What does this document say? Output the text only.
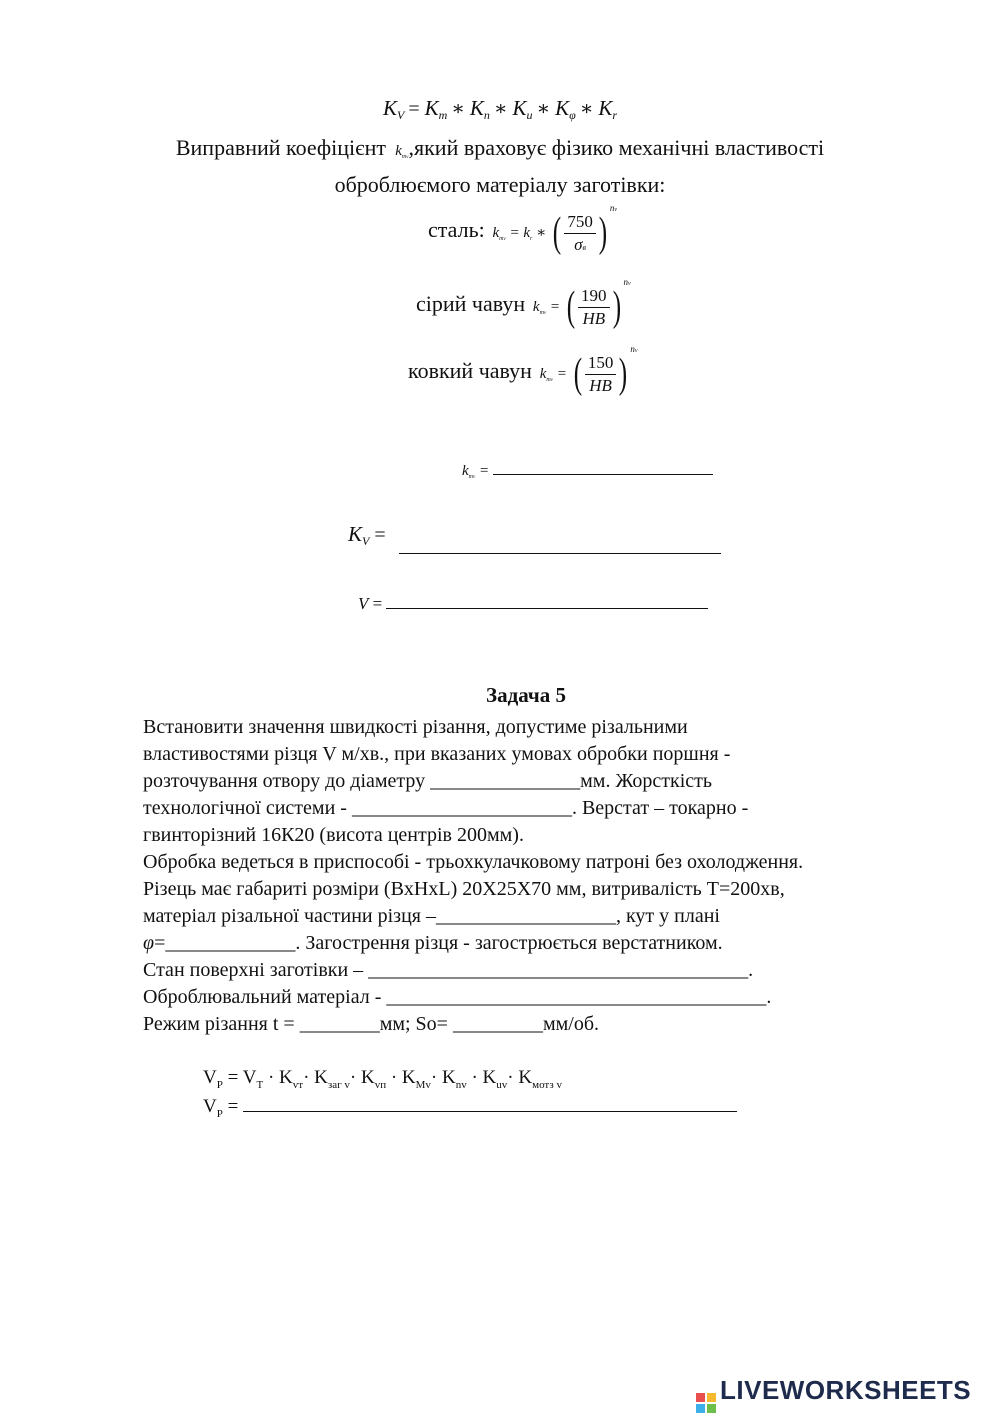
$K_V = K_m$ ∗ $K_n$ ∗ $K_u$ ∗ $K_\varphi$ ∗ $K_r$
Виправний коефіцієнт  $k_{mv},який$ враховує фізико механічні властивості
оброблюємого матеріалу заготівки:
сталь:  $k_{mv} = k_r$ ∗ ( $\frac{750}{\sigma в} )^{nv}$
сірий чавун  $k_{mv}$ = ( $\frac{190}{HB} )^{nv}$
ковкий чавун  $k_{mv}$ = ( $\frac{150}{HB} )^{nv}$
$k_{mv}$ =
$K_V$ =
V =
Задача 5
Встановити значення швидкості різання, допустиме різальними
властивостями різця V м/хв., при вказаних умовах обробки поршня -
розточування отвору до діаметру _______________мм. Жорсткість
технологічної системи - ______________________. Верстат – токарно -
гвинторізний 16К20 (висота центрів 200мм).
Обробка ведеться в приспособі - трьохкулачковому патроні без охолодження.
Різець має габариті розміри (BxHxL) 20Х25Х70 мм, витривалість Т=200хв,
матеріал різальної частини різця –__________________, кут у плані
φ=_____________. Загострення різця - загострюється верстатником.
Стан поверхні заготівки – ______________________________________.
Оброблювальний матеріал - ______________________________________.
Режим різання t = ________мм; So= _________мм/об.
$V_P = V_T \cdot K_{vт}\cdot K_{заг v}\cdot K_{vп} \cdot K_{Mv}\cdot K_{nv} \cdot K_{uv}\cdot K_{мотз v}$
$V_P$ =
LIVEWORKSHEETS
